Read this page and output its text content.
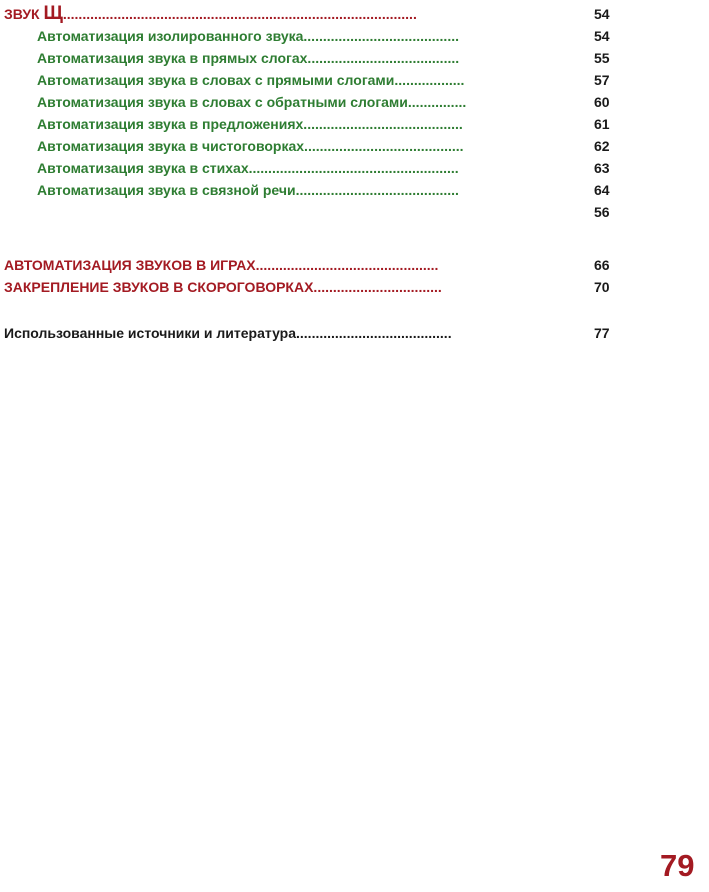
ЗВУК Щ...........................................................................................	54
Автоматизация изолированного звука........................................	54
Автоматизация звука в прямых слогах.......................................	55
Автоматизация звука в словах с прямыми слогами..................	57
Автоматизация звука в словах с обратными слогами...............	60
Автоматизация звука в предложениях.........................................	61
Автоматизация звука в чистоговорках.........................................	62
Автоматизация звука в стихах......................................................	63
Автоматизация звука в связной речи..........................................	64
56
АВТОМАТИЗАЦИЯ ЗВУКОВ В ИГРАХ...............................................	66
ЗАКРЕПЛЕНИЕ ЗВУКОВ В СКОРОГОВОРКАХ.................................	70
Использованные источники и литература........................................	77
79
